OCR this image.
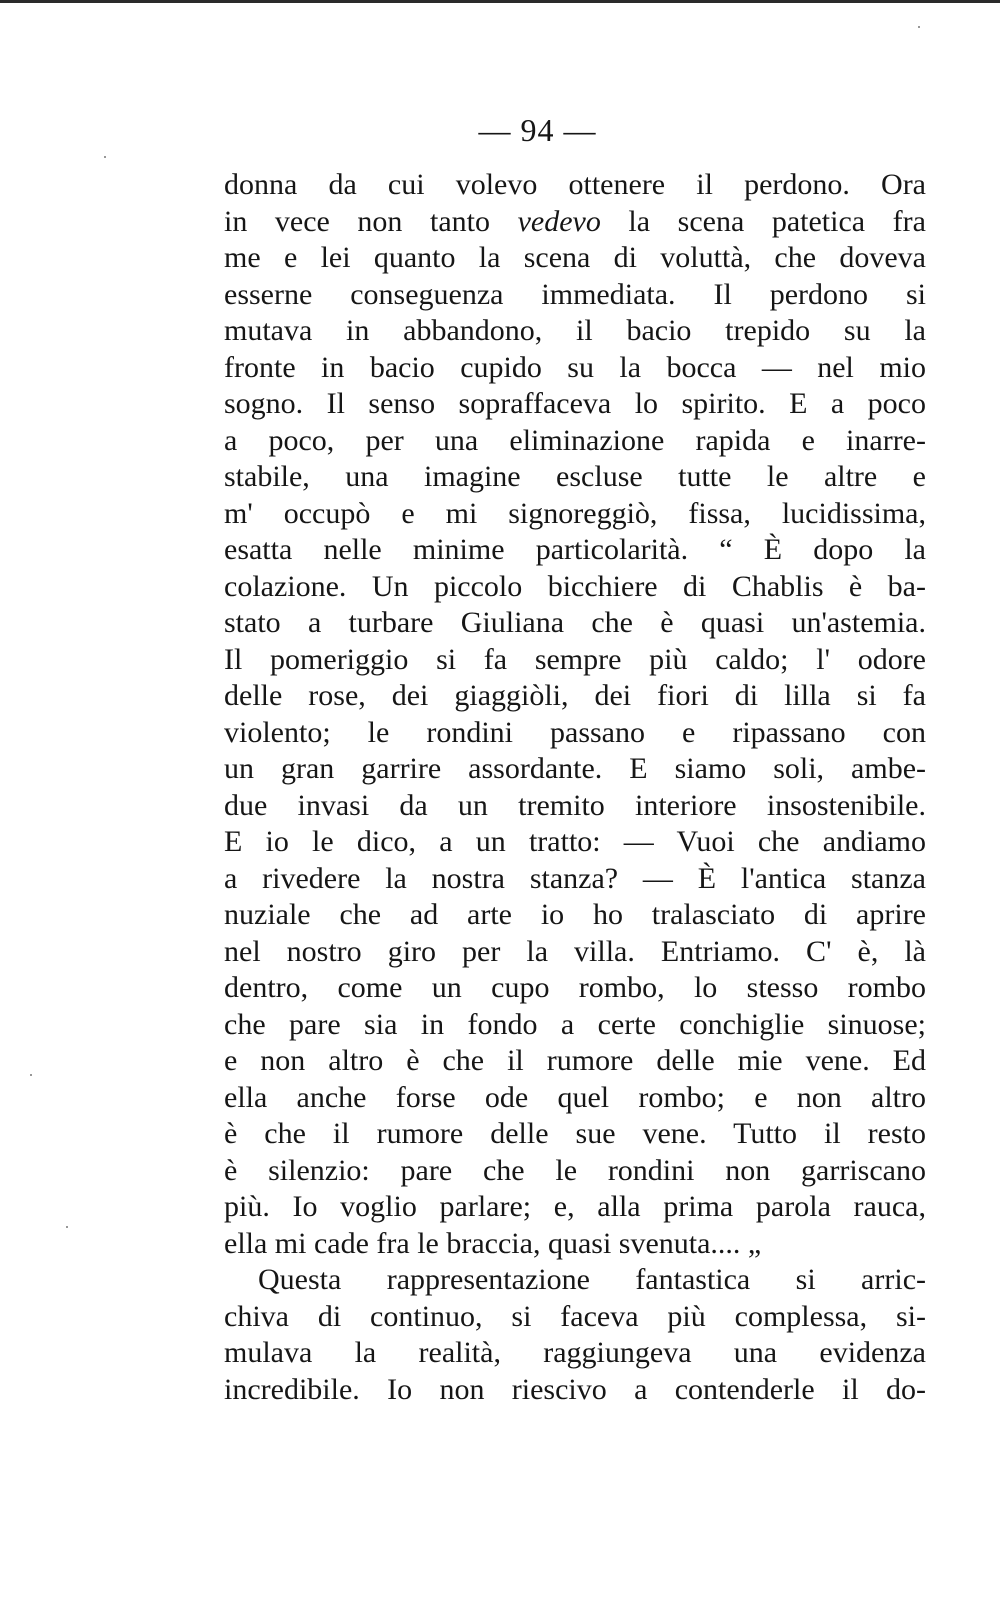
— 94 —
donna da cui volevo ottenere il perdono. Ora
in vece non tanto vedevo la scena patetica fra
me e lei quanto la scena di voluttà, che doveva
esserne conseguenza immediata. Il perdono si
mutava in abbandono, il bacio trepido su la
fronte in bacio cupido su la bocca — nel mio
sogno. Il senso sopraffaceva lo spirito. E a poco
a poco, per una eliminazione rapida e inarre-
stabile, una imagine escluse tutte le altre e
m' occupò e mi signoreggiò, fissa, lucidissima,
esatta nelle minime particolarità. “ È dopo la
colazione. Un piccolo bicchiere di Chablis è ba-
stato a turbare Giuliana che è quasi un'astemia.
Il pomeriggio si fa sempre più caldo; l' odore
delle rose, dei giaggiòli, dei fiori di lilla si fa
violento; le rondini passano e ripassano con
un gran garrire assordante. E siamo soli, ambe-
due invasi da un tremito interiore insostenibile.
E io le dico, a un tratto: — Vuoi che andiamo
a rivedere la nostra stanza? — È l'antica stanza
nuziale che ad arte io ho tralasciato di aprire
nel nostro giro per la villa. Entriamo. C' è, là
dentro, come un cupo rombo, lo stesso rombo
che pare sia in fondo a certe conchiglie sinuose;
e non altro è che il rumore delle mie vene. Ed
ella anche forse ode quel rombo; e non altro
è che il rumore delle sue vene. Tutto il resto
è silenzio: pare che le rondini non garriscano
più. Io voglio parlare; e, alla prima parola rauca,
ella mi cade fra le braccia, quasi svenuta.... „
Questa rappresentazione fantastica si arric-
chiva di continuo, si faceva più complessa, si-
mulava la realità, raggiungeva una evidenza
incredibile. Io non riescivo a contenderle il do-
